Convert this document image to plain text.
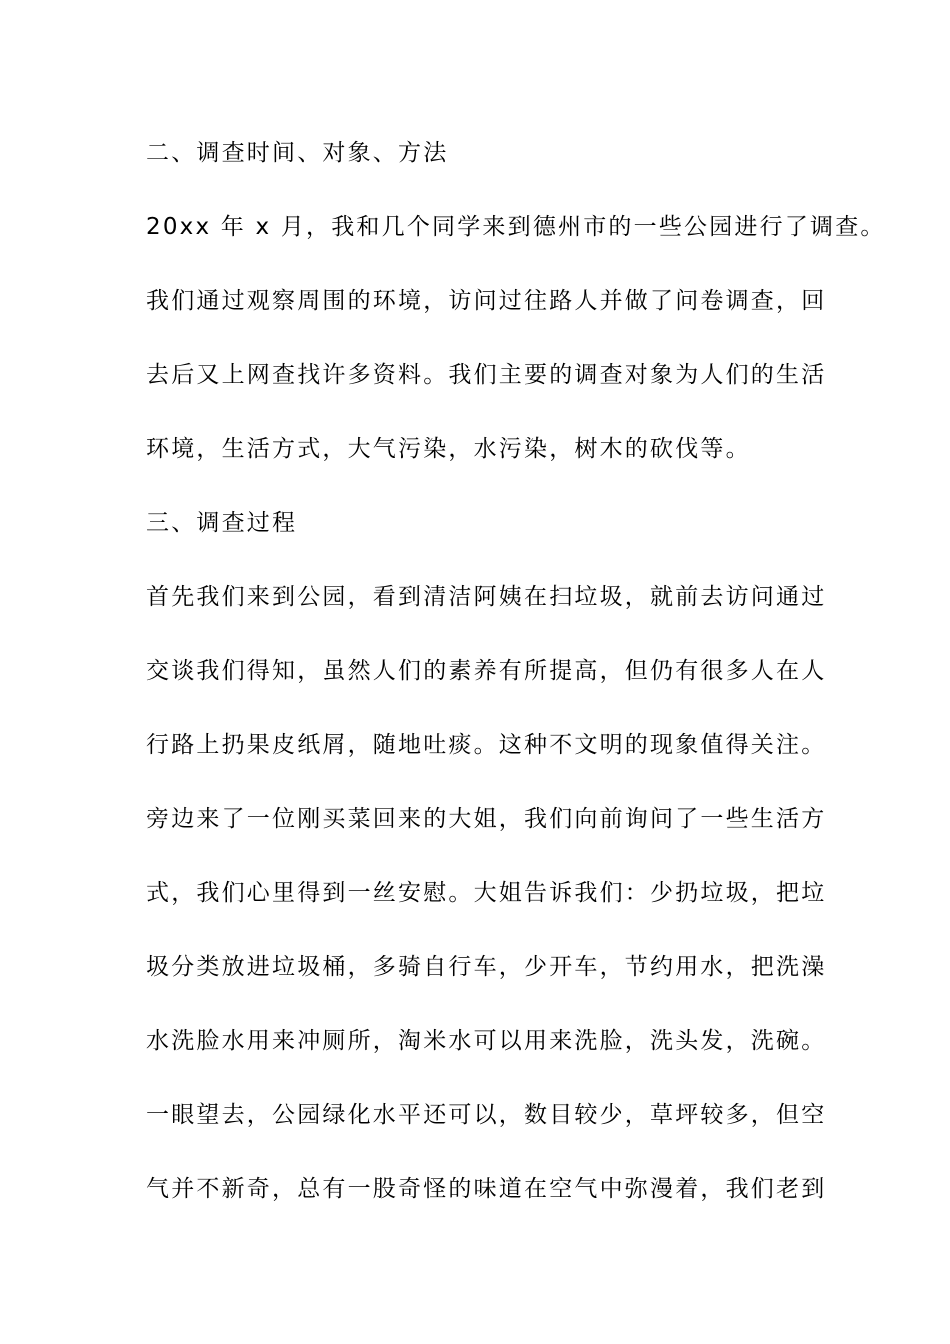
二、调查时间、对象、方法
20xx 年 x 月，我和几个同学来到德州市的一些公园进行了调查。
我们通过观察周围的环境，访问过往路人并做了问卷调查，回
去后又上网查找许多资料。我们主要的调查对象为人们的生活
环境，生活方式，大气污染，水污染，树木的砍伐等。
三、调查过程
首先我们来到公园，看到清洁阿姨在扫垃圾，就前去访问通过
交谈我们得知，虽然人们的素养有所提高，但仍有很多人在人
行路上扔果皮纸屑，随地吐痰。这种不文明的现象值得关注。
旁边来了一位刚买菜回来的大姐，我们向前询问了一些生活方
式，我们心里得到一丝安慰。大姐告诉我们：少扔垃圾，把垃
圾分类放进垃圾桶，多骑自行车，少开车，节约用水，把洗澡
水洗脸水用来冲厕所，淘米水可以用来洗脸，洗头发，洗碗。
一眼望去，公园绿化水平还可以，数目较少，草坪较多，但空
气并不新奇，总有一股奇怪的味道在空气中弥漫着，我们老到
